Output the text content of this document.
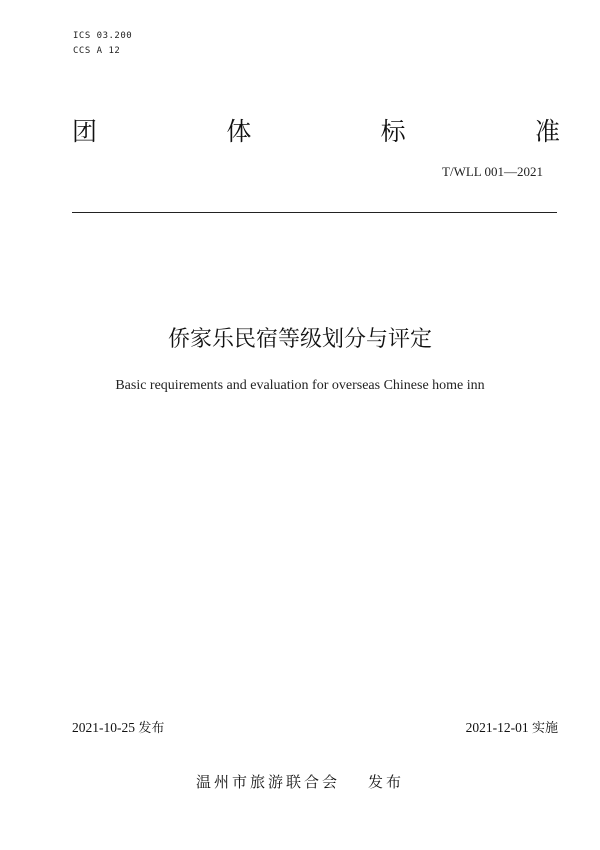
ICS 03.200
CCS A 12
团	体	标	准
T/WLL 001—2021
侨家乐民宿等级划分与评定
Basic requirements and evaluation for overseas Chinese home inn
2021-10-25 发布	2021-12-01 实施
温州市旅游联合会 发布
